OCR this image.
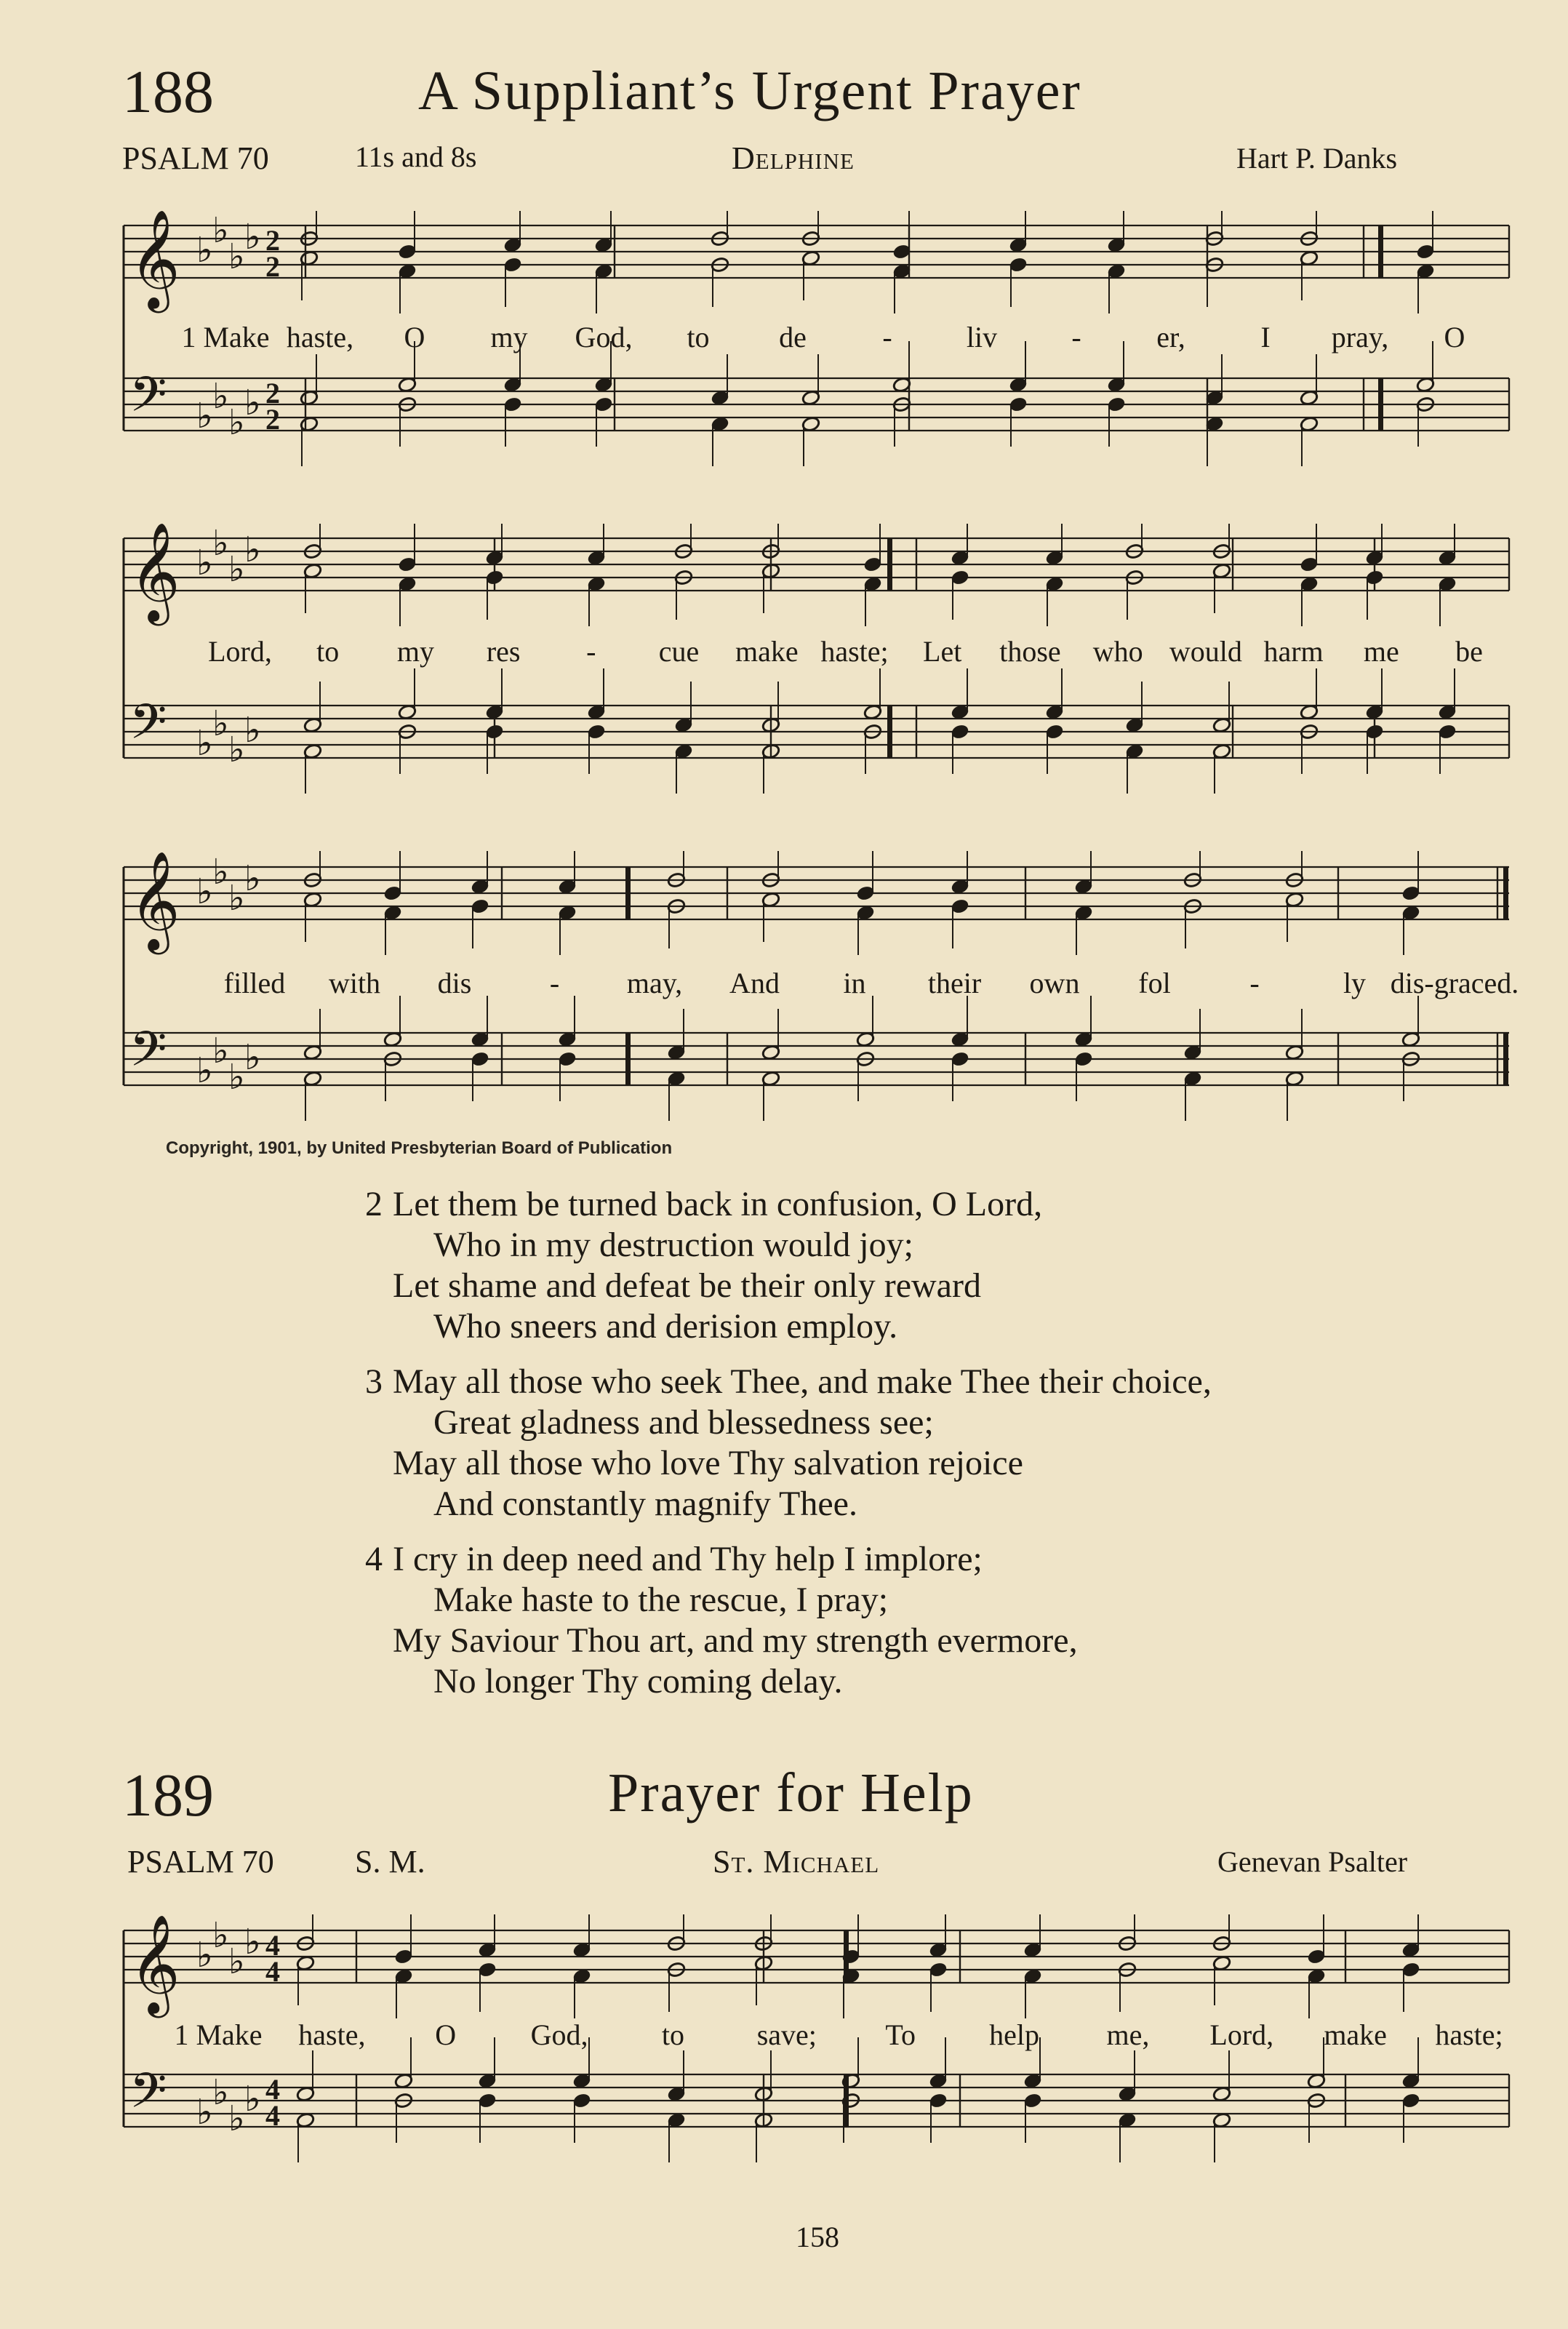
188	A Suppliant’s Urgent Prayer
PSALM 70	11s and 8s	Delphine	Hart P. Danks
𝄞 ♭ ♭
♭ ♭ 2
2
𝄢 ♭ ♭
♭ ♭ 2
2
1 Make haste, O my God, to de	-	liv	-	er,	I pray, O
𝄞 ♭ ♭
♭ ♭
𝄢 ♭ ♭
♭ ♭
Lord, to my res - cue make haste; Let those who would harm me be
𝄞 ♭ ♭
♭ ♭
𝄢 ♭ ♭
♭ ♭
filled with dis	- may, And in their own fol	-	ly dis-graced.
Copyright, 1901, by United Presbyterian Board of Publication
2 Let them be turned back in confusion, O Lord,
Who in my destruction would joy;
Let shame and defeat be their only reward
Who sneers and derision employ.
3 May all those who seek Thee, and make Thee their choice,
Great gladness and blessedness see;
May all those who love Thy salvation rejoice
And constantly magnify Thee.
4 I cry in deep need and Thy help I implore;
Make haste to the rescue, I pray;
My Saviour Thou art, and my strength evermore,
No longer Thy coming delay.
189	Prayer for Help
PSALM 70	S. M.	St. Michael	Genevan Psalter
𝄞 ♭ ♭
♭ ♭ 4
4
𝄢 ♭ ♭
♭ ♭ 4
4
1 Make haste, O	God,	to save; To	help me, Lord, make haste;
158
